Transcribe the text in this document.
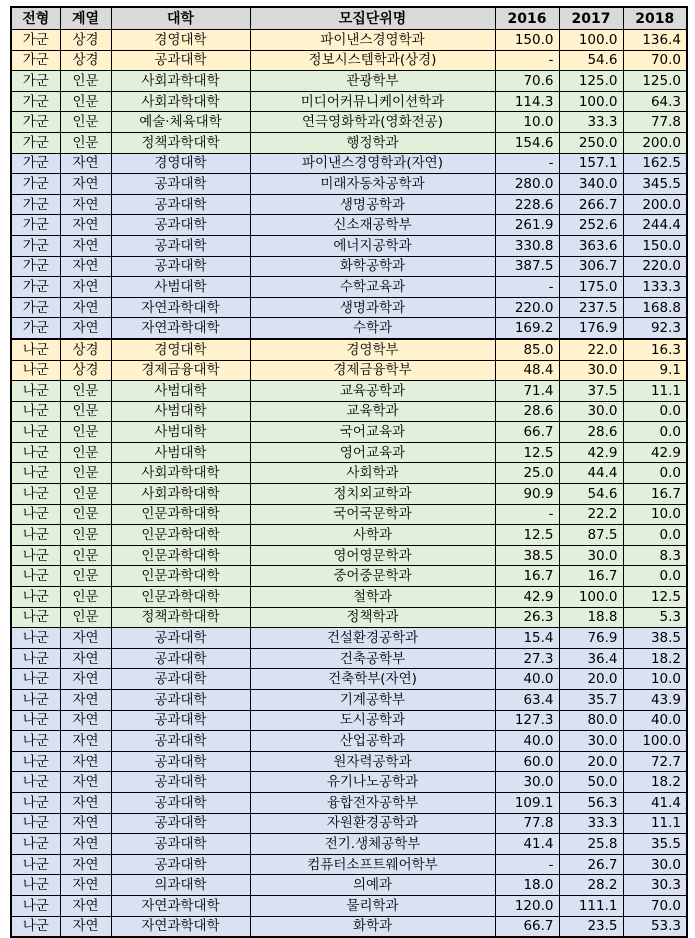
전형	계열	대학	모집단위명	2016	2017	2018
가군	상경	경영대학	파이낸스경영학과	150.0	100.0	136.4
가군	상경	공과대학	정보시스템학과(상경)	-	54.6	70.0
가군	인문	사회과학대학	관광학부	70.6	125.0	125.0
가군	인문	사회과학대학	미디어커뮤니케이션학과	114.3	100.0	64.3
가군	인문	예술·체육대학	연극영화학과(영화전공)	10.0	33.3	77.8
가군	인문	정책과학대학	행정학과	154.6	250.0	200.0
가군	자연	경영대학	파이낸스경영학과(자연)	-	157.1	162.5
가군	자연	공과대학	미래자동차공학과	280.0	340.0	345.5
가군	자연	공과대학	생명공학과	228.6	266.7	200.0
가군	자연	공과대학	신소재공학부	261.9	252.6	244.4
가군	자연	공과대학	에너지공학과	330.8	363.6	150.0
가군	자연	공과대학	화학공학과	387.5	306.7	220.0
가군	자연	사범대학	수학교육과	-	175.0	133.3
가군	자연	자연과학대학	생명과학과	220.0	237.5	168.8
가군	자연	자연과학대학	수학과	169.2	176.9	92.3
나군	상경	경영대학	경영학부	85.0	22.0	16.3
나군	상경	경제금융대학	경제금융학부	48.4	30.0	9.1
나군	인문	사범대학	교육공학과	71.4	37.5	11.1
나군	인문	사범대학	교육학과	28.6	30.0	0.0
나군	인문	사범대학	국어교육과	66.7	28.6	0.0
나군	인문	사범대학	영어교육과	12.5	42.9	42.9
나군	인문	사회과학대학	사회학과	25.0	44.4	0.0
나군	인문	사회과학대학	정치외교학과	90.9	54.6	16.7
나군	인문	인문과학대학	국어국문학과	-	22.2	10.0
나군	인문	인문과학대학	사학과	12.5	87.5	0.0
나군	인문	인문과학대학	영어영문학과	38.5	30.0	8.3
나군	인문	인문과학대학	중어중문학과	16.7	16.7	0.0
나군	인문	인문과학대학	철학과	42.9	100.0	12.5
나군	인문	정책과학대학	정책학과	26.3	18.8	5.3
나군	자연	공과대학	건설환경공학과	15.4	76.9	38.5
나군	자연	공과대학	건축공학부	27.3	36.4	18.2
나군	자연	공과대학	건축학부(자연)	40.0	20.0	10.0
나군	자연	공과대학	기계공학부	63.4	35.7	43.9
나군	자연	공과대학	도시공학과	127.3	80.0	40.0
나군	자연	공과대학	산업공학과	40.0	30.0	100.0
나군	자연	공과대학	원자력공학과	60.0	20.0	72.7
나군	자연	공과대학	유기나노공학과	30.0	50.0	18.2
나군	자연	공과대학	융합전자공학부	109.1	56.3	41.4
나군	자연	공과대학	자원환경공학과	77.8	33.3	11.1
나군	자연	공과대학	전기.생체공학부	41.4	25.8	35.5
나군	자연	공과대학	컴퓨터소프트웨어학부	-	26.7	30.0
나군	자연	의과대학	의예과	18.0	28.2	30.3
나군	자연	자연과학대학	물리학과	120.0	111.1	70.0
나군	자연	자연과학대학	화학과	66.7	23.5	53.3
